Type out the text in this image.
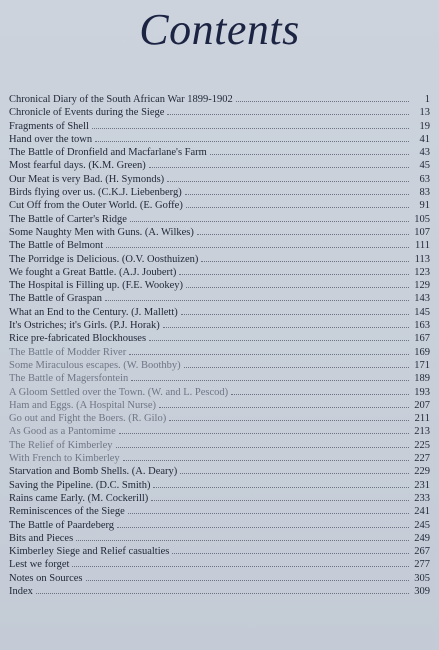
Contents
Chronical Diary of the South African War 1899-1902	1
Chronicle of Events during the Siege	13
Fragments of Shell	19
Hand over the town	41
The Battle of Dronfield and Macfarlane's Farm	43
Most fearful days. (K.M. Green)	45
Our Meat is very Bad. (H. Symonds)	63
Birds flying over us. (C.K.J. Liebenberg)	83
Cut Off from the Outer World. (E. Goffe)	91
The Battle of Carter's Ridge	105
Some Naughty Men with Guns. (A. Wilkes)	107
The Battle of Belmont	111
The Porridge is Delicious. (O.V. Oosthuizen)	113
We fought a Great Battle. (A.J. Joubert)	123
The Hospital is Filling up. (F.E. Wookey)	129
The Battle of Graspan	143
What an End to the Century. (J. Mallett)	145
It's Ostriches; it's Girls. (P.J. Horak)	163
Rice pre-fabricated Blockhouses	167
The Battle of Modder River	169
Some Miraculous escapes. (W. Boothby)	171
The Battle of Magersfontein	189
A Gloom Settled over the Town. (W. and L. Pescod)	193
Ham and Eggs. (A Hospital Nurse)	207
Go out and Fight the Boers. (R. Gilo)	211
As Good as a Pantomime	213
The Relief of Kimberley	225
With French to Kimberley	227
Starvation and Bomb Shells. (A. Deary)	229
Saving the Pipeline. (D.C. Smith)	231
Rains came Early. (M. Cockerill)	233
Reminiscences of the Siege	241
The Battle of Paardeberg	245
Bits and Pieces	249
Kimberley Siege and Relief casualties	267
Lest we forget	277
Notes on Sources	305
Index	309
